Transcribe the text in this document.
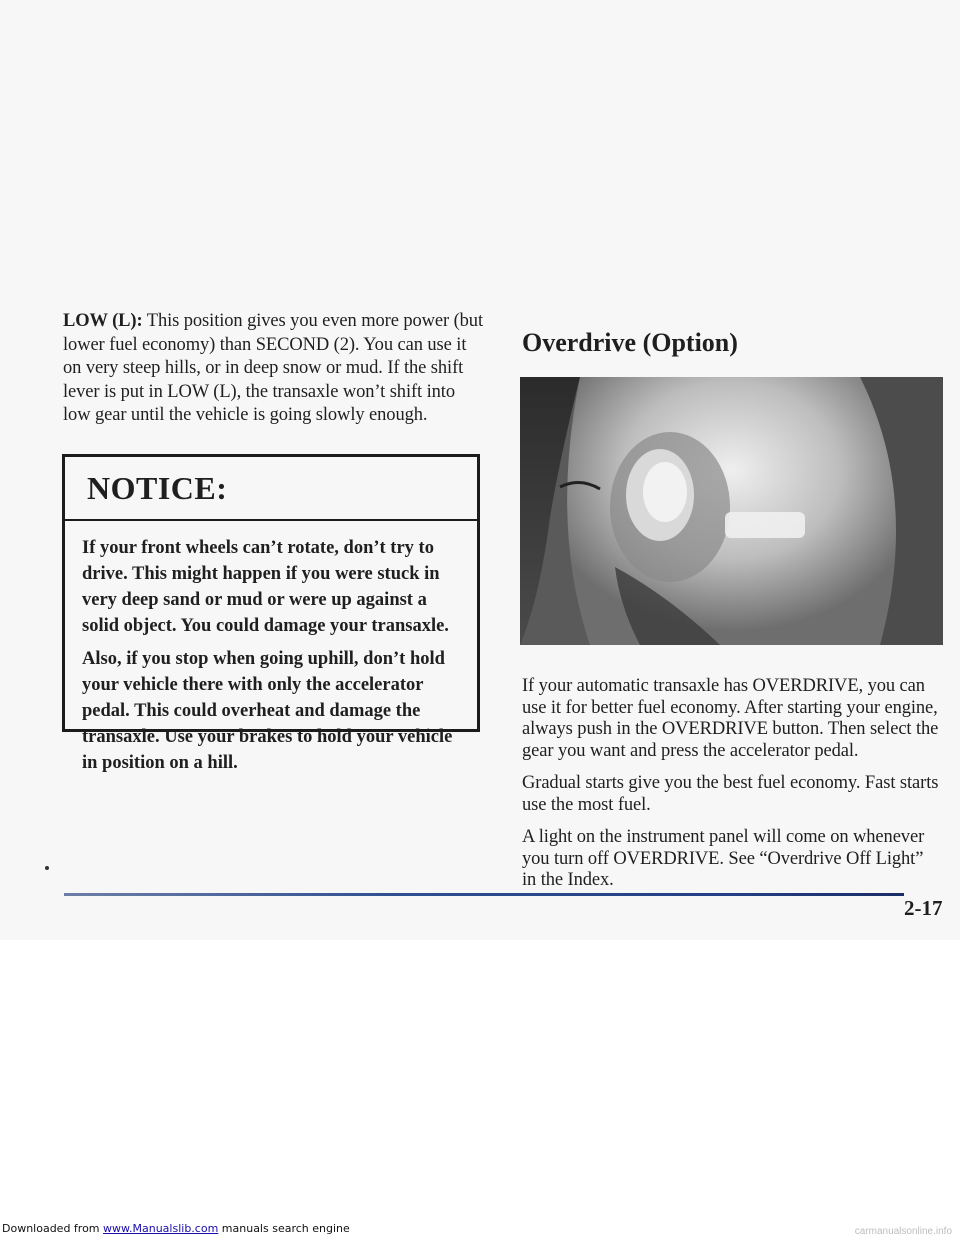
LOW (L): This position gives you even more power (but lower fuel economy) than SECOND (2). You can use it on very steep hills, or in deep snow or mud. If the shift lever is put in LOW (L), the transaxle won’t shift into low gear until the vehicle is going slowly enough.

NOTICE:

If your front wheels can’t rotate, don’t try to drive. This might happen if you were stuck in very deep sand or mud or were up against a solid object. You could damage your transaxle.

Also, if you stop when going uphill, don’t hold your vehicle there with only the accelerator pedal. This could overheat and damage the transaxle. Use your brakes to hold your vehicle in position on a hill.

Overdrive (Option)

If your automatic transaxle has OVERDRIVE, you can use it for better fuel economy. After starting your engine, always push in the OVERDRIVE button. Then select the gear you want and press the accelerator pedal.

Gradual starts give you the best fuel economy. Fast starts use the most fuel.

A light on the instrument panel will come on whenever you turn off OVERDRIVE. See “Overdrive Off Light” in the Index.

2-17
Downloaded from www.Manualslib.com manuals search engine	carmanualsonline.info
